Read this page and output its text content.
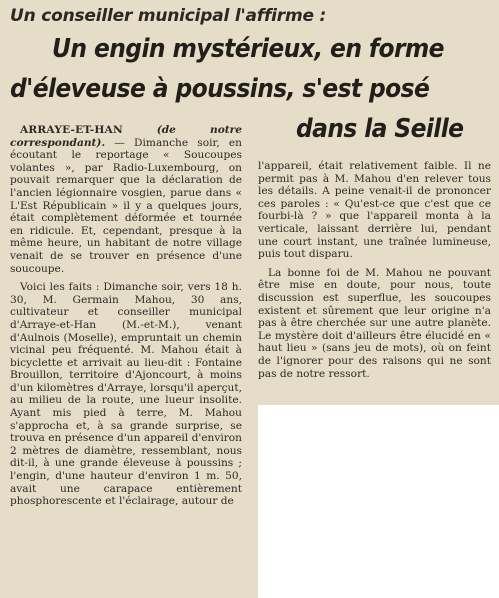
Un conseiller municipal l'affirme :
Un engin mystérieux, en forme
d'éleveuse à poussins, s'est posé
dans la Seille

ARRAYE-ET-HAN	(de notre correspondant). — Dimanche soir, en écoutant le reportage « Soucoupes volantes », par Radio-Luxembourg, on pouvait remarquer que la déclaration de l'ancien légionnaire vosgien, parue dans « L'Est Républicain » il y a quelques jours, était complètement déformée et tournée en ridicule. Et, cependant, presque à la même heure, un habitant de notre village venait de se trouver en présence d'une soucoupe.

Voici les faits : Dimanche soir, vers 18 h. 30, M. Germain Mahou, 30 ans, cultivateur et conseiller municipal d'Arraye-et-Han (M.-et-M.), venant d'Aulnois (Moselle), empruntait un chemin vicinal peu fréquenté. M. Mahou était à bicyclette et arrivait au lieu-dit : Fontaine Brouillon, territoire d'Ajoncourt, à moins d'un kilomètres d'Arraye, lorsqu'il aperçut, au milieu de la route, une lueur insolite. Ayant mis pied à terre, M. Mahou s'approcha et, à sa grande surprise, se trouva en présence d'un appareil d'environ 2 mètres de diamètre, ressemblant, nous dit-il, à une grande éleveuse à poussins ; l'engin, d'une hauteur d'environ 1 m. 50, avait une carapace entièrement phosphorescente et l'éclairage, autour de

l'appareil, était relativement faible. Il ne permit pas à M. Mahou d'en relever tous les détails. A peine venait-il de prononcer ces paroles : « Qu'est-ce que c'est que ce fourbi-là ? » que l'appareil monta à la verticale, laissant derrière lui, pendant une court instant, une traînée lumineuse, puis tout disparu.

La bonne foi de M. Mahou ne pouvant être mise en doute, pour nous, toute discussion est superflue, les soucoupes existent et sûrement que leur origine n'a pas à être cherchée sur une autre planète. Le mystère doit d'ailleurs être élucidé en « haut lieu » (sans jeu de mots), où on feint de l'ignorer pour des raisons qui ne sont pas de notre ressort.
